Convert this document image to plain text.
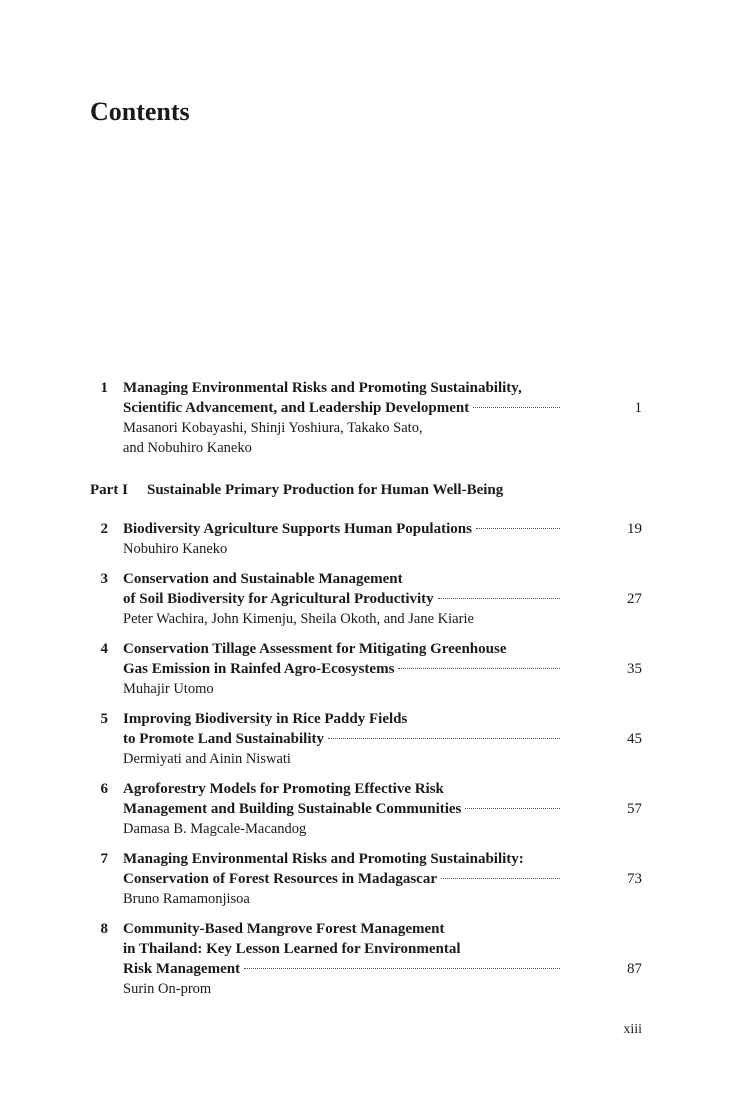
Contents
1 Managing Environmental Risks and Promoting Sustainability,
Scientific Advancement, and Leadership Development	1
Masanori Kobayashi, Shinji Yoshiura, Takako Sato,
and Nobuhiro Kaneko
Part I Sustainable Primary Production for Human Well-Being
2 Biodiversity Agriculture Supports Human Populations	19
Nobuhiro Kaneko
3 Conservation and Sustainable Management
of Soil Biodiversity for Agricultural Productivity	27
Peter Wachira, John Kimenju, Sheila Okoth, and Jane Kiarie
4 Conservation Tillage Assessment for Mitigating Greenhouse
Gas Emission in Rainfed Agro-Ecosystems	35
Muhajir Utomo
5 Improving Biodiversity in Rice Paddy Fields
to Promote Land Sustainability	45
Dermiyati and Ainin Niswati
6 Agroforestry Models for Promoting Effective Risk
Management and Building Sustainable Communities	57
Damasa B. Magcale-Macandog
7 Managing Environmental Risks and Promoting Sustainability:
Conservation of Forest Resources in Madagascar	73
Bruno Ramamonjisoa
8 Community-Based Mangrove Forest Management
in Thailand: Key Lesson Learned for Environmental
Risk Management	87
Surin On-prom
xiii
